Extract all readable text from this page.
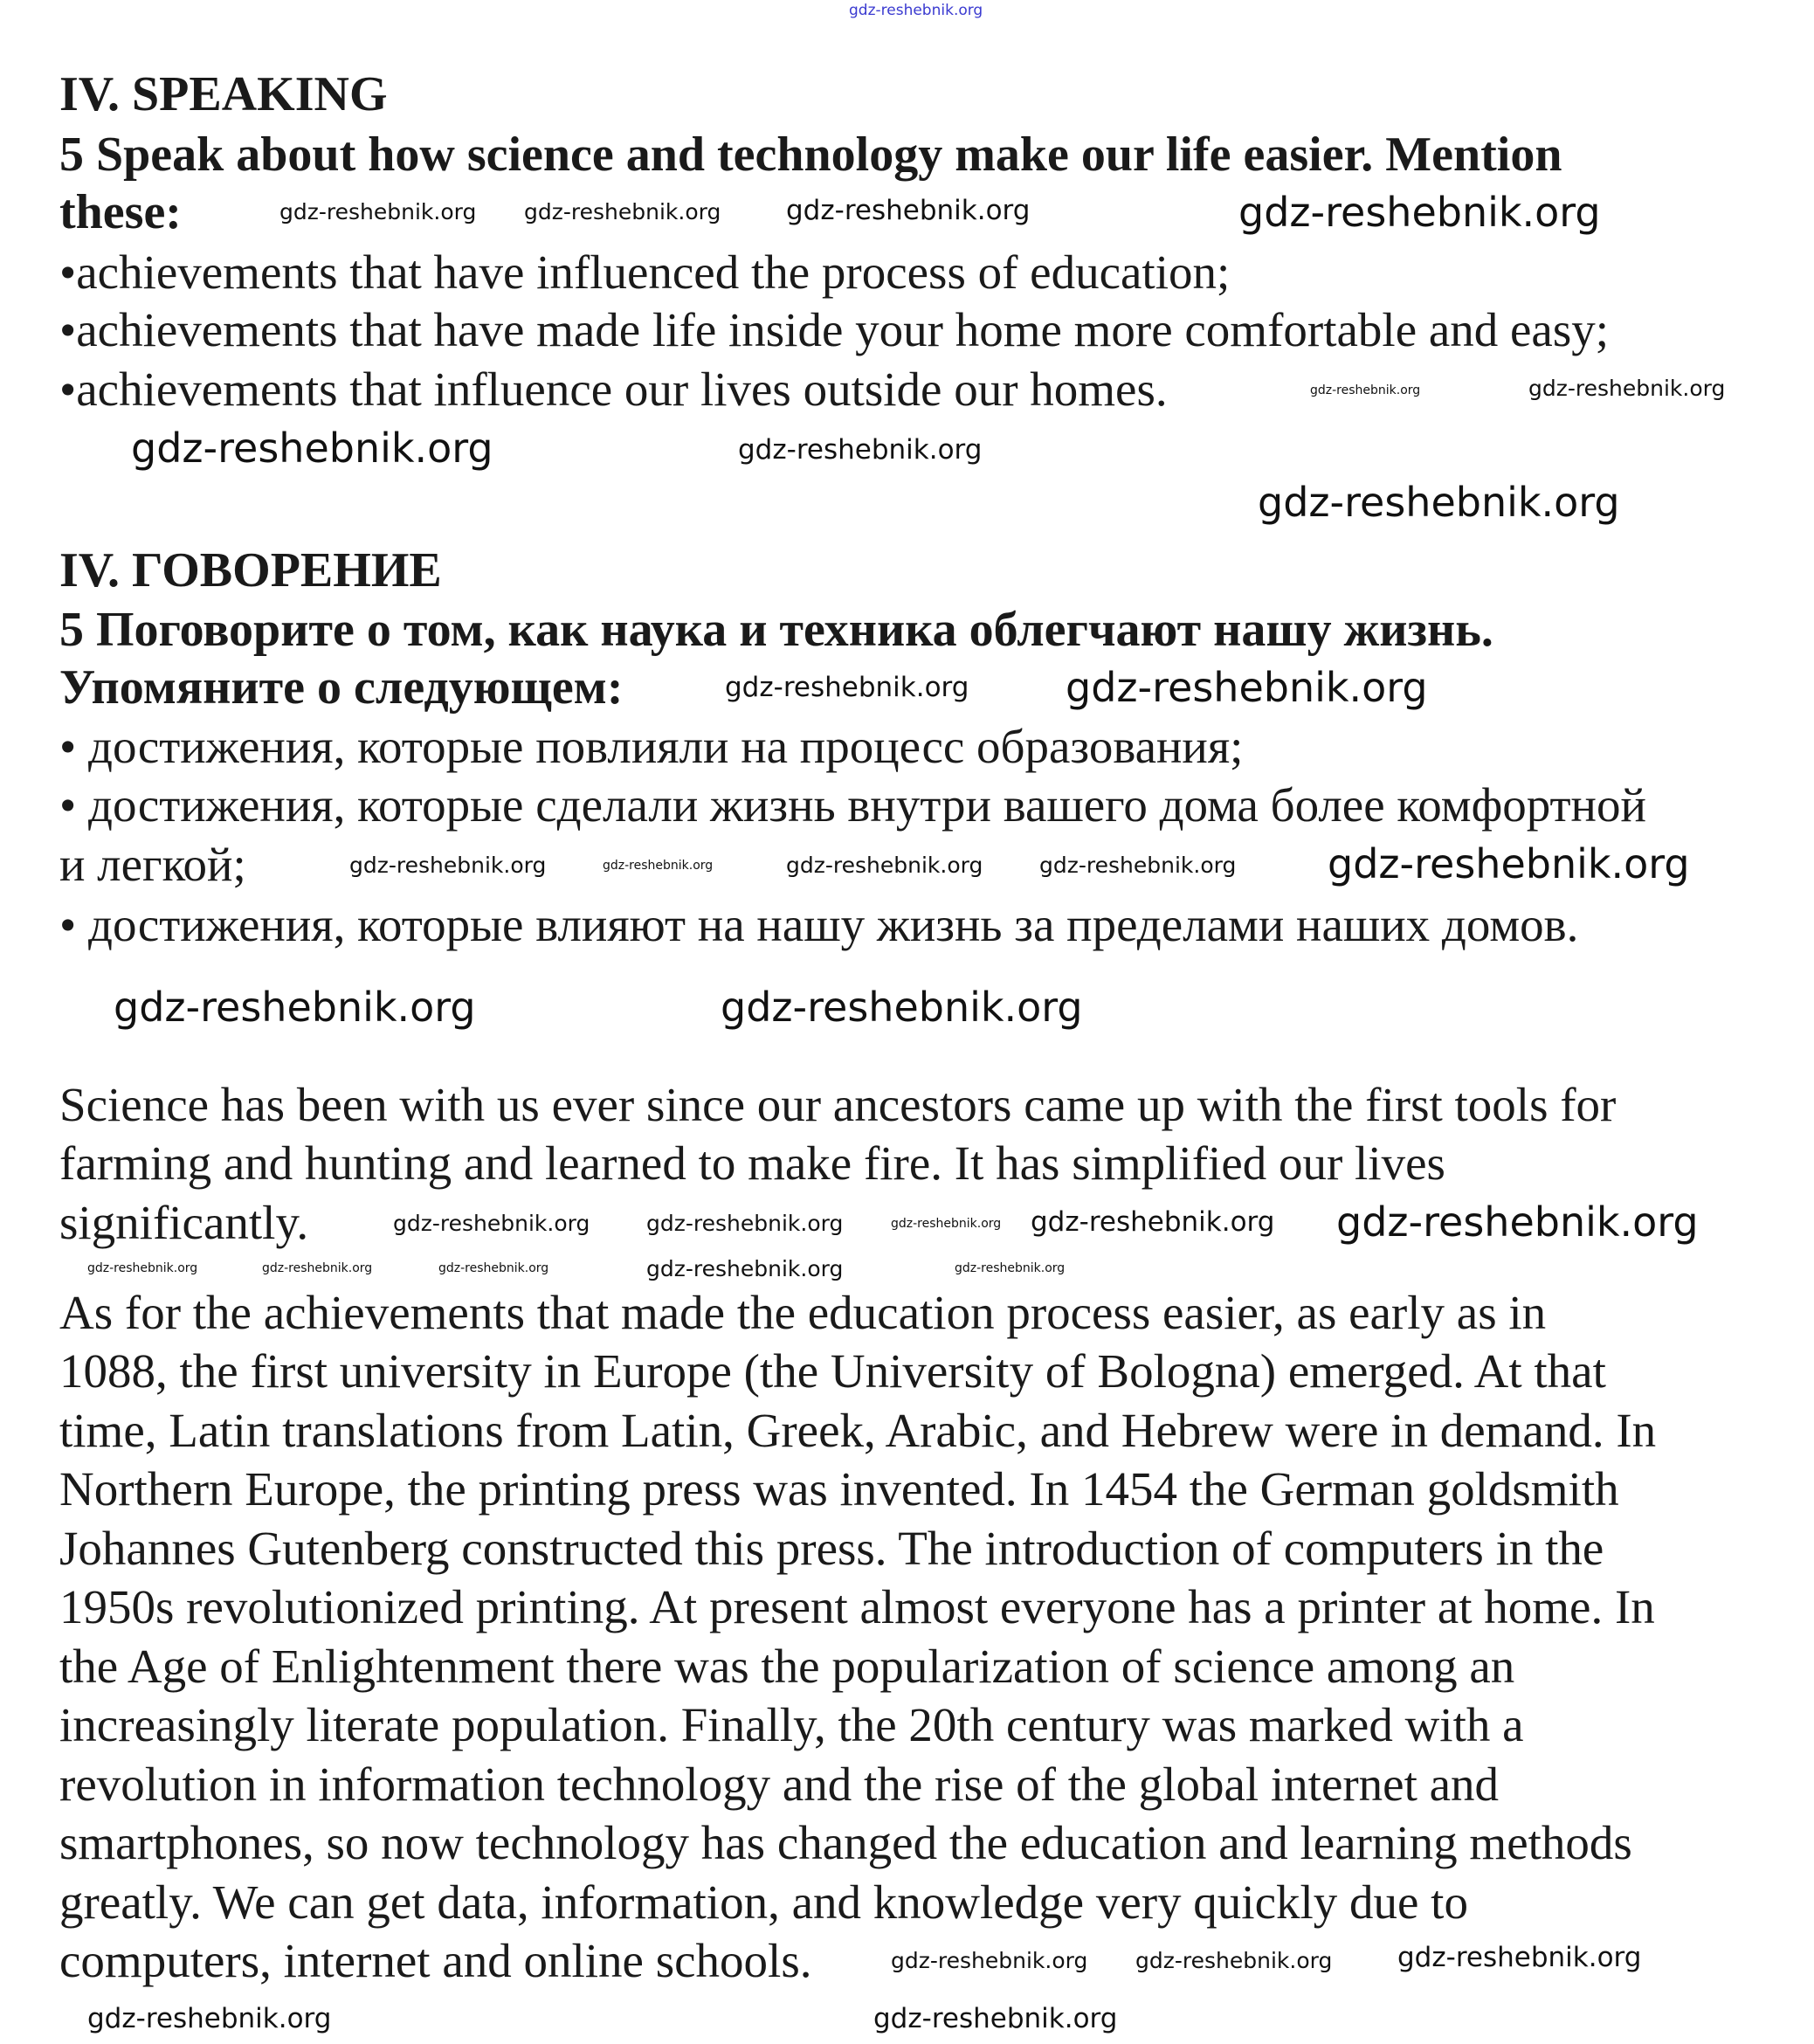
gdz-reshebnik.org
IV. SPEAKING
5 Speak about how science and technology make our life easier. Mention
these:
•achievements that have influenced the process of education;
•achievements that have made life inside your home more comfortable and easy;
•achievements that influence our lives outside our homes.
IV. ГОВОРЕНИЕ
5 Поговорите о том, как наука и техника облегчают нашу жизнь.
Упомяните о следующем:
• достижения, которые повлияли на процесс образования;
• достижения, которые сделали жизнь внутри вашего дома более комфортной
и легкой;
• достижения, которые влияют на нашу жизнь за пределами наших домов.
Science has been with us ever since our ancestors came up with the first tools for
farming and hunting and learned to make fire. It has simplified our lives
significantly.
As for the achievements that made the education process easier, as early as in
1088, the first university in Europe (the University of Bologna) emerged. At that
time, Latin translations from Latin, Greek, Arabic, and Hebrew were in demand. In
Northern Europe, the printing press was invented. In 1454 the German goldsmith
Johannes Gutenberg constructed this press. The introduction of computers in the
1950s revolutionized printing. At present almost everyone has a printer at home. In
the Age of Enlightenment there was the popularization of science among an
increasingly literate population. Finally, the 20th century was marked with a
revolution in information technology and the rise of the global internet and
smartphones, so now technology has changed the education and learning methods
greatly. We can get data, information, and knowledge very quickly due to
computers, internet and online schools.
gdz-reshebnik.org gdz-reshebnik.org gdz-reshebnik.org	gdz-reshebnik.org
gdz-reshebnik.org	gdz-reshebnik.org
gdz-reshebnik.org	gdz-reshebnik.org
gdz-reshebnik.org
gdz-reshebnik.org gdz-reshebnik.org
gdz-reshebnik.org	gdz-reshebnik.org	gdz-reshebnik.org	gdz-reshebnik.org gdz-reshebnik.org
gdz-reshebnik.org	gdz-reshebnik.org
gdz-reshebnik.org	gdz-reshebnik.org	gdz-reshebnik.org gdz-reshebnik.org gdz-reshebnik.org
gdz-reshebnik.org	gdz-reshebnik.org	gdz-reshebnik.org	gdz-reshebnik.org	gdz-reshebnik.org
gdz-reshebnik.org gdz-reshebnik.org gdz-reshebnik.org
gdz-reshebnik.org	gdz-reshebnik.org
